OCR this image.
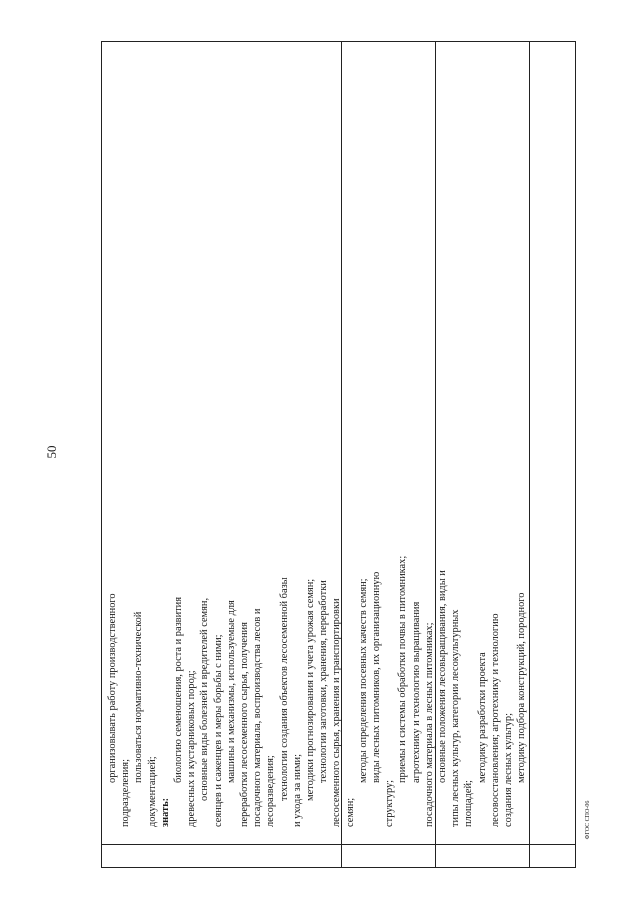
50

организовывать работу производственного

подразделения;

пользоваться нормативно-технической

документацией; знать:

биологию семеношения, роста и развития древесных и кустарниковых пород; основные виды болезней и вредителей семян, сеянцев и саженцев и меры борьбы с ними; машины и механизмы, используемые для переработки лесосеменного сырья, получения посадочного материала, воспроизводства лесов и лесоразведения; технологии создания объектов лесосеменной базы и ухода за ними; методики прогнозирования и учета урожая семян; технологии заготовки, хранения, переработки лесосеменного сырья, хранения и транспортировки семян;

методы определения посевных качеств семян; виды лесных питомников, их организационную

структуру;

приемы и системы обработки почвы в питомниках; агротехнику и технологию выращивания посадочного материала в лесных питомниках; основные положения лесовыращивания, виды и типы лесных культур, категории лесокультурных площадей;

методику разработки проекта лесовосстановления; агротехнику и технологию создания лесных культур; методику подбора конструкций, породного

ФГОС СПО-06
